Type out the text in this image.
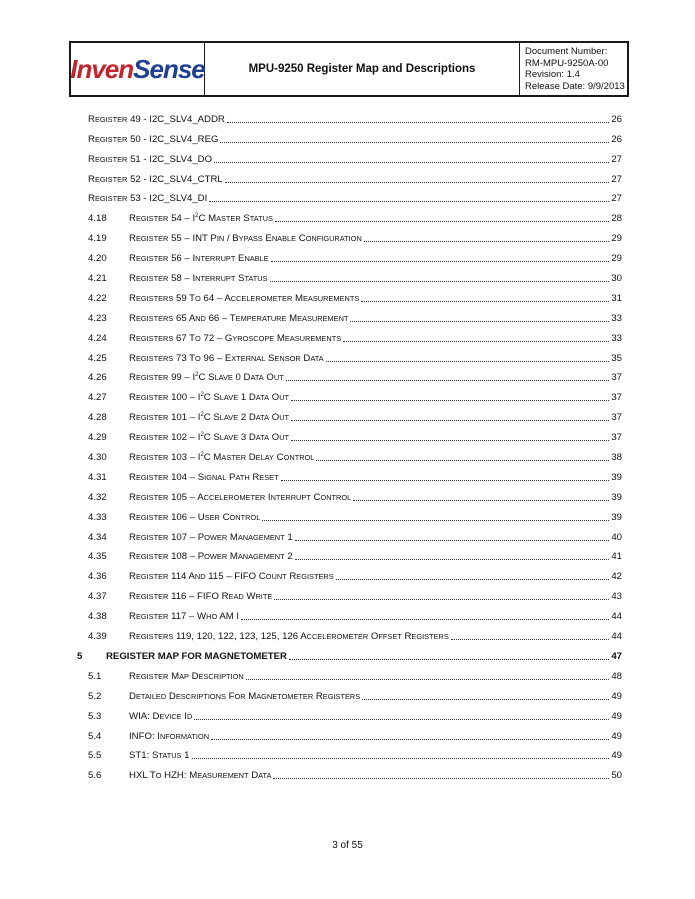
InvenSense	MPU-9250 Register Map and Descriptions
Document Number: RM-MPU-9250A-00
Revision: 1.4
Release Date: 9/9/2013
REGISTER 49 - I2C_SLV4_ADDR	26
REGISTER 50 - I2C_SLV4_REG	26
REGISTER 51 - I2C_SLV4_DO	27
REGISTER 52 - I2C_SLV4_CTRL	27
REGISTER 53 - I2C_SLV4_DI	27
4.18	REGISTER $54 - I^2C$ MASTER STATUS	28
4.19	REGISTER 55 – INT PIN / BYPASS ENABLE CONFIGURATION	29
4.20	REGISTER 56 – INTERRUPT ENABLE	29
4.21	REGISTER 58 – INTERRUPT STATUS	30
4.22	REGISTERS 59 TO 64 – ACCELEROMETER MEASUREMENTS	31
4.23	REGISTERS 65 AND 66 – TEMPERATURE MEASUREMENT	33
4.24	REGISTERS 67 TO 72 – GYROSCOPE MEASUREMENTS	33
4.25	REGISTERS 73 TO 96 – EXTERNAL SENSOR DATA	35
4.26	REGISTER $99 - I^2C$ SLAVE 0 DATA OUT	37
4.27	REGISTER $100 - I^2C$ SLAVE 1 DATA OUT	37
4.28	REGISTER $101 - I^2C$ SLAVE 2 DATA OUT	37
4.29	REGISTER $102 - I^2C$ SLAVE 3 DATA OUT	37
4.30	REGISTER $103 - I^2C$ MASTER DELAY CONTROL	38
4.31	REGISTER 104 – SIGNAL PATH RESET	39
4.32	REGISTER 105 – ACCELEROMETER INTERRUPT CONTROL	39
4.33	REGISTER 106 – USER CONTROL	39
4.34	REGISTER 107 – POWER MANAGEMENT 1	40
4.35	REGISTER 108 – POWER MANAGEMENT 2	41
4.36	REGISTER 114 AND 115 – FIFO COUNT REGISTERS	42
4.37	REGISTER 116 – FIFO READ WRITE	43
4.38	REGISTER 117 – WHO AM I	44
4.39	REGISTERS 119, 120, 122, 123, 125, 126 ACCELEROMETER OFFSET REGISTERS	44
5	REGISTER MAP FOR MAGNETOMETER	47
5.1	REGISTER MAP DESCRIPTION	48
5.2	DETAILED DESCRIPTIONS FOR MAGNETOMETER REGISTERS	49
5.3	WIA: DEVICE ID	49
5.4	INFO: INFORMATION	49
5.5	ST1: STATUS 1	49
5.6	HXL TO HZH: MEASUREMENT DATA	50
3 of 55
